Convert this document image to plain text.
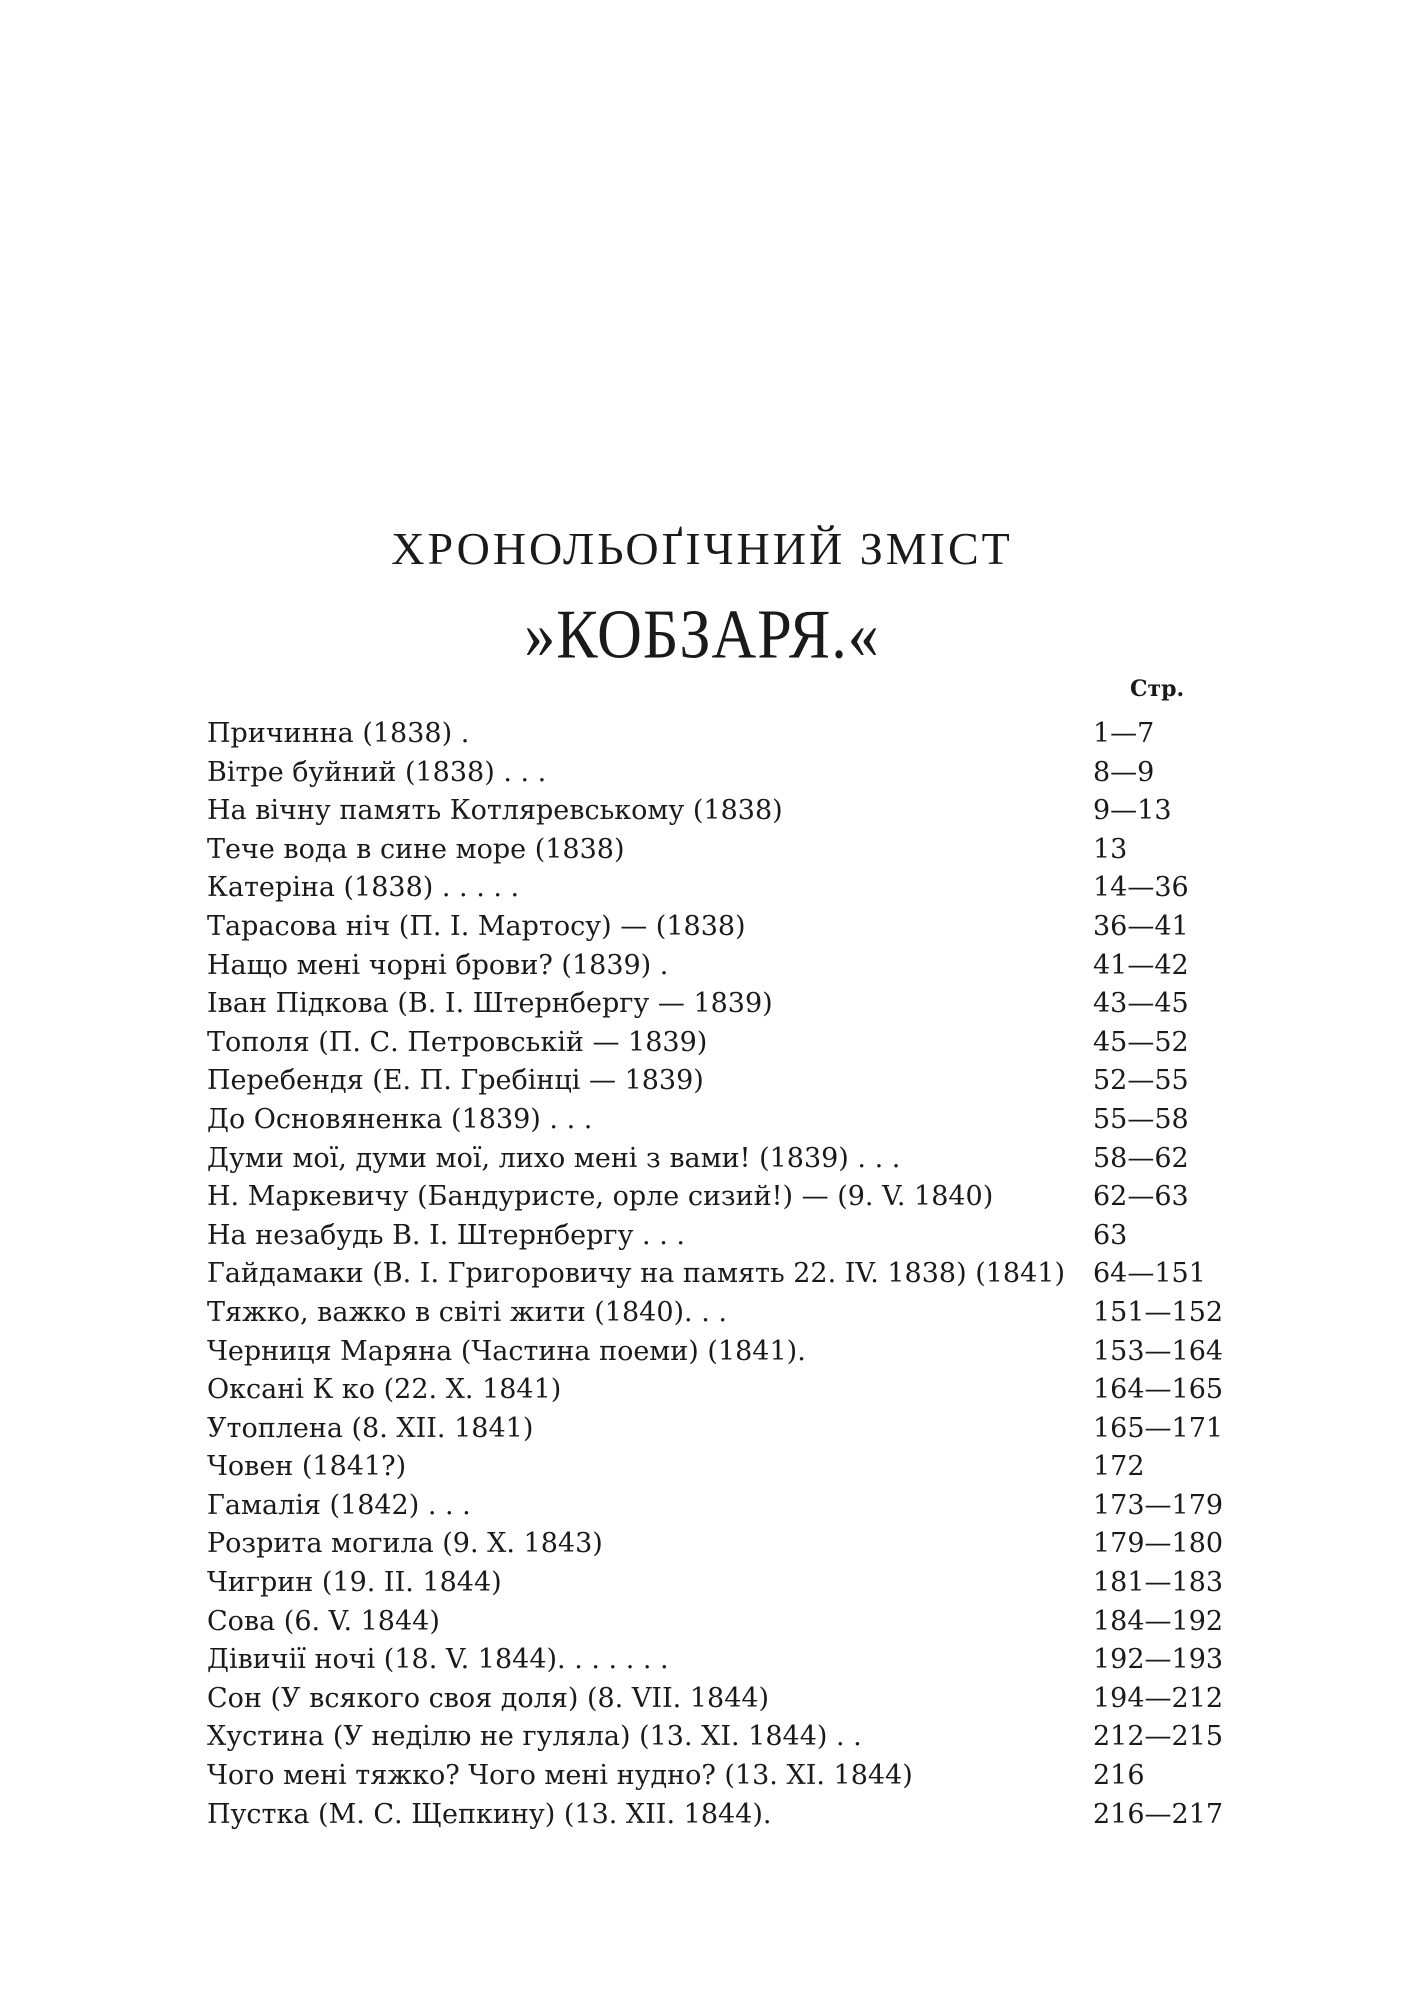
ХРОНОЛЬОҐІЧНИЙ ЗМІСТ
»КОБЗАРЯ.«
Стр.
Причинна (1838) .	1—7
Вітре буйний (1838) . . .	8—9
На вічну память Котляревському (1838)	9—13
Тече вода в сине море (1838)	13
Катеріна (1838) . . . . .	14—36
Тарасова ніч (П. І. Мартосу) — (1838)	36—41
Нащо мені чорні брови? (1839) .	41—42
Іван Підкова (В. І. Штернбергу — 1839)	43—45
Тополя (П. С. Петровській — 1839)	45—52
Перебендя (Е. П. Гребінці — 1839)	52—55
До Основяненка (1839) . . .	55—58
Думи мої, думи мої, лихо мені з вами! (1839) . . .	58—62
Н. Маркевичу (Бандуристе, орле сизий!) — (9. V. 1840)	62—63
На незабудь В. І. Штернбергу . . .	63
Гайдамаки (В. І. Григоровичу на память 22. IV. 1838) (1841) 64—151
Тяжко, важко в світі жити (1840). . .	151—152
Черниця Маряна (Частина поеми) (1841).	153—164
Оксані К ко (22. X. 1841)	164—165
Утоплена (8. XII. 1841)	165—171
Човен (1841?)	172
Гамалія (1842) . . .	173—179
Розрита могила (9. X. 1843)	179—180
Чигрин (19. II. 1844)	181—183
Сова (6. V. 1844)	184—192
Дівичії ночі (18. V. 1844). . . . . . .	192—193
Сон (У всякого своя доля) (8. VII. 1844)	194—212
Хустина (У неділю не гуляла) (13. XI. 1844) . .	212—215
Чого мені тяжко? Чого мені нудно? (13. XI. 1844)	216
Пустка (М. С. Щепкину) (13. XII. 1844).	216—217
